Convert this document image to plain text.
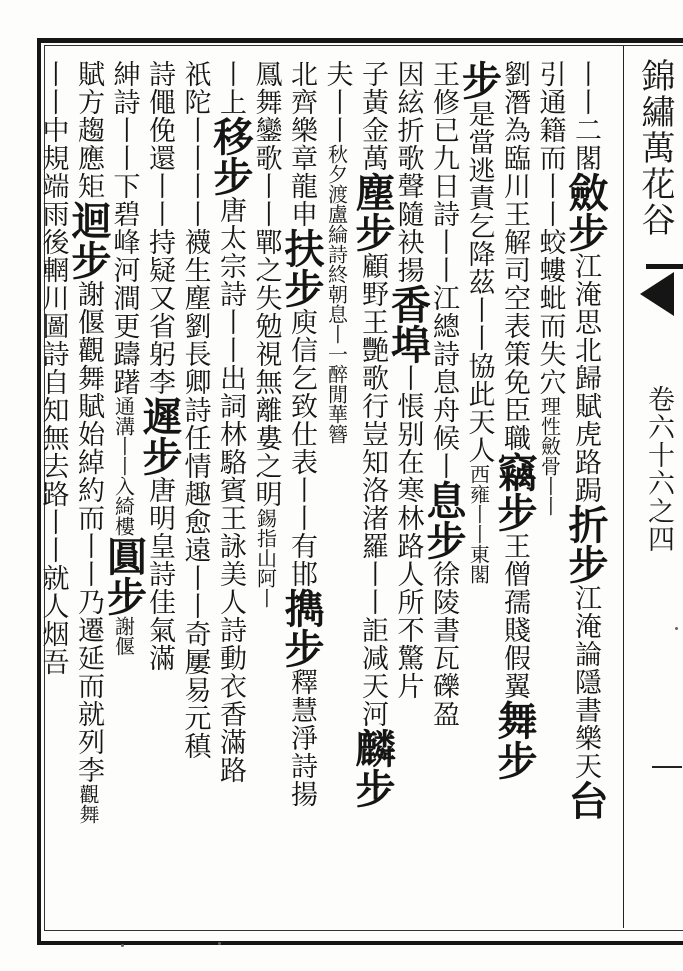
錦繡萬花谷
卷六十六之四
丨丨二閣斂步江淹思北歸賦虎路跼折步江淹論隱書樂天台
引通籍而丨丨蛟螻蚍而失穴理性斂骨丨丨
劉潛為臨川王解司空表策免臣職竊步王僧孺賤假翼舞步
步是當逃責乞降茲丨丨協此天人西雍丨丨東閣
王修已九日詩丨丨江總詩息舟候丨息步徐陵書瓦礫盈
因絃折歌聲隨袂揚香埠丨悵别在寒林路人所不驚片
子黃金萬塵步顧野王艷歌行豈知洛渚羅丨丨詎减天河麟步
夫丨丨秋夕渡盧綸詩終朝息丨一醉閒華簪
北齊樂章龍申扶步庾信乞致仕表丨丨有邯擕步釋慧淨詩揚
鳳舞鑾歌丨丨鄲之失勉視無離婁之明錫指山阿丨
丨上移步唐太宗詩丨丨出詞林駱賓王詠美人詩動衣香滿路
祇陀丨丨丨丨襪生塵劉長卿詩任情趣愈遠丨丨奇屢易元稹
詩僶俛還丨丨持疑又省躬李遲步唐明皇詩佳氣滿
紳詩丨丨下碧峰河澗更躊躇通溝丨丨入綺樓圓步謝偃
賦方趨應矩迴步謝偃觀舞賦始綽約而丨丨乃遷延而就列李觀舞
丨丨中規端雨後輞川圖詩自知無去路丨丨就人烟吾
